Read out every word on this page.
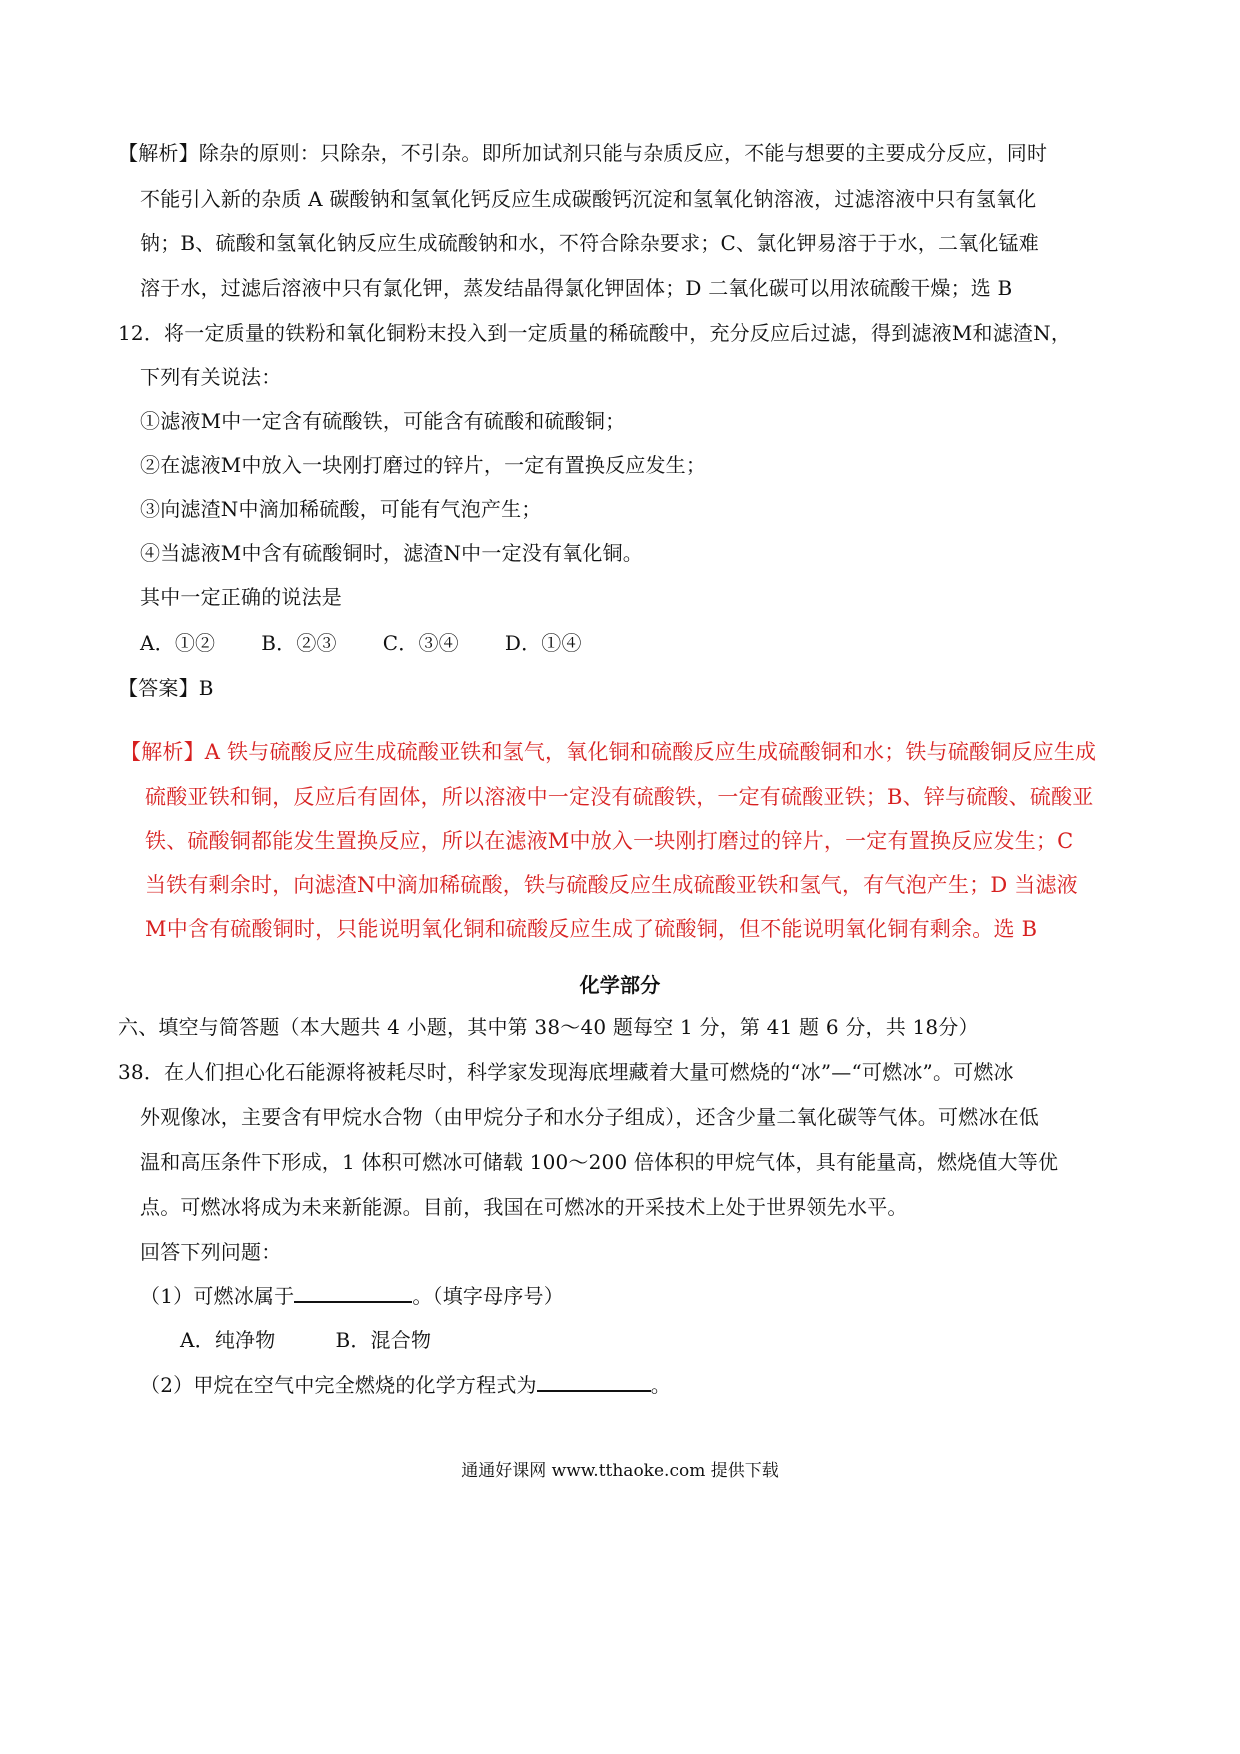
【解析】除杂的原则：只除杂，不引杂。即所加试剂只能与杂质反应，不能与想要的主要成分反应，同时
不能引入新的杂质 A 碳酸钠和氢氧化钙反应生成碳酸钙沉淀和氢氧化钠溶液，过滤溶液中只有氢氧化
钠；B、硫酸和氢氧化钠反应生成硫酸钠和水，不符合除杂要求；C、氯化钾易溶于于水，二氧化锰难
溶于水，过滤后溶液中只有氯化钾，蒸发结晶得氯化钾固体；D 二氧化碳可以用浓硫酸干燥；选 B
12．将一定质量的铁粉和氧化铜粉末投入到一定质量的稀硫酸中，充分反应后过滤，得到滤液M和滤渣N，
下列有关说法：
①滤液M中一定含有硫酸铁，可能含有硫酸和硫酸铜；
②在滤液M中放入一块刚打磨过的锌片，一定有置换反应发生；
③向滤渣N中滴加稀硫酸，可能有气泡产生；
④当滤液M中含有硫酸铜时，滤渣N中一定没有氧化铜。
其中一定正确的说法是
A．①② B．②③ C．③④ D．①④
【答案】B
【解析】A 铁与硫酸反应生成硫酸亚铁和氢气，氧化铜和硫酸反应生成硫酸铜和水；铁与硫酸铜反应生成
硫酸亚铁和铜，反应后有固体，所以溶液中一定没有硫酸铁，一定有硫酸亚铁；B、锌与硫酸、硫酸亚
铁、硫酸铜都能发生置换反应，所以在滤液M中放入一块刚打磨过的锌片，一定有置换反应发生；C
当铁有剩余时，向滤渣N中滴加稀硫酸，铁与硫酸反应生成硫酸亚铁和氢气，有气泡产生；D 当滤液
M中含有硫酸铜时，只能说明氧化铜和硫酸反应生成了硫酸铜，但不能说明氧化铜有剩余。选 B
化学部分
六、填空与简答题（本大题共 4 小题，其中第 38～40 题每空 1 分，第 41 题 6 分，共 18分）
38．在人们担心化石能源将被耗尽时，科学家发现海底埋藏着大量可燃烧的“冰”—“可燃冰”。可燃冰
外观像冰，主要含有甲烷水合物（由甲烷分子和水分子组成），还含少量二氧化碳等气体。可燃冰在低
温和高压条件下形成，1 体积可燃冰可储载 100～200 倍体积的甲烷气体，具有能量高，燃烧值大等优
点。可燃冰将成为未来新能源。目前，我国在可燃冰的开采技术上处于世界领先水平。
回答下列问题：
（1）可燃冰属于	。（填字母序号）
A．纯净物	B．混合物
（2）甲烷在空气中完全燃烧的化学方程式为	。
通通好课网 www.tthaoke.com 提供下载
